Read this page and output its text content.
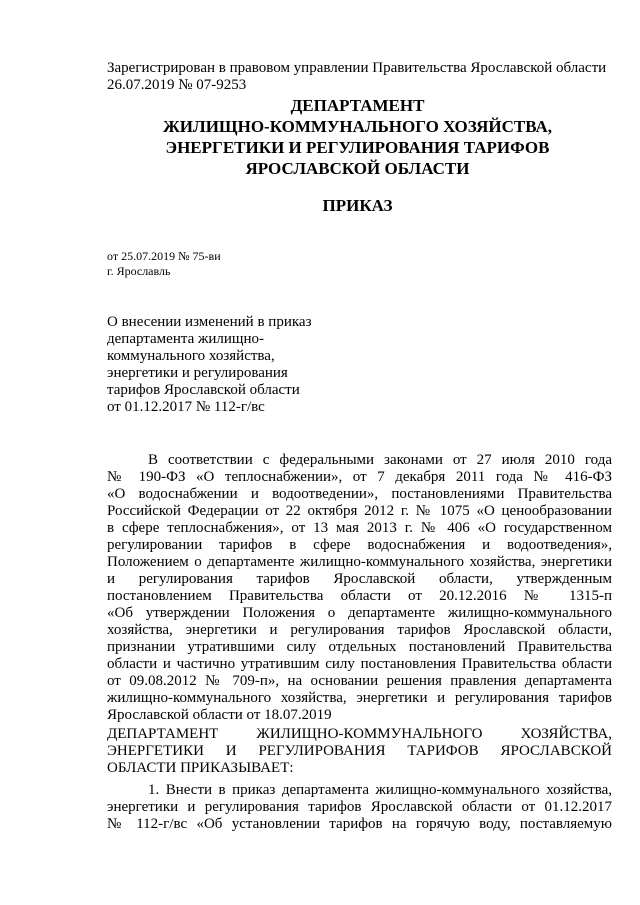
Зарегистрирован в правовом управлении Правительства Ярославской области
26.07.2019 № 07-9253
ДЕПАРТАМЕНТ
ЖИЛИЩНО-КОММУНАЛЬНОГО ХОЗЯЙСТВА,
ЭНЕРГЕТИКИ И РЕГУЛИРОВАНИЯ ТАРИФОВ
ЯРОСЛАВСКОЙ ОБЛАСТИ
ПРИКАЗ
от 25.07.2019 № 75-ви
г. Ярославль
О внесении изменений в приказ
департамента жилищно-
коммунального хозяйства,
энергетики и регулирования
тарифов Ярославской области
от 01.12.2017 № 112-г/вс
В соответствии с федеральными законами от 27 июля 2010 года
№ 190-ФЗ «О теплоснабжении», от 7 декабря 2011 года № 416-ФЗ
«О водоснабжении и водоотведении», постановлениями Правительства
Российской Федерации от 22 октября 2012 г. № 1075 «О ценообразовании
в сфере теплоснабжения», от 13 мая 2013 г. № 406 «О государственном
регулировании тарифов в сфере водоснабжения и водоотведения»,
Положением о департаменте жилищно-коммунального хозяйства, энергетики
и регулирования тарифов Ярославской области, утвержденным
постановлением Правительства области от 20.12.2016 № 1315-п
«Об утверждении Положения о департаменте жилищно-коммунального
хозяйства, энергетики и регулирования тарифов Ярославской области,
признании утратившими силу отдельных постановлений Правительства
области и частично утратившим силу постановления Правительства области
от 09.08.2012 № 709-п», на основании решения правления департамента
жилищно-коммунального хозяйства, энергетики и регулирования тарифов
Ярославской области от 18.07.2019
ДЕПАРТАМЕНТ ЖИЛИЩНО-КОММУНАЛЬНОГО ХОЗЯЙСТВА,
ЭНЕРГЕТИКИ И РЕГУЛИРОВАНИЯ ТАРИФОВ ЯРОСЛАВСКОЙ
ОБЛАСТИ ПРИКАЗЫВАЕТ:
1. Внести в приказ департамента жилищно-коммунального хозяйства,
энергетики и регулирования тарифов Ярославской области от 01.12.2017
№ 112-г/вс «Об установлении тарифов на горячую воду, поставляемую
